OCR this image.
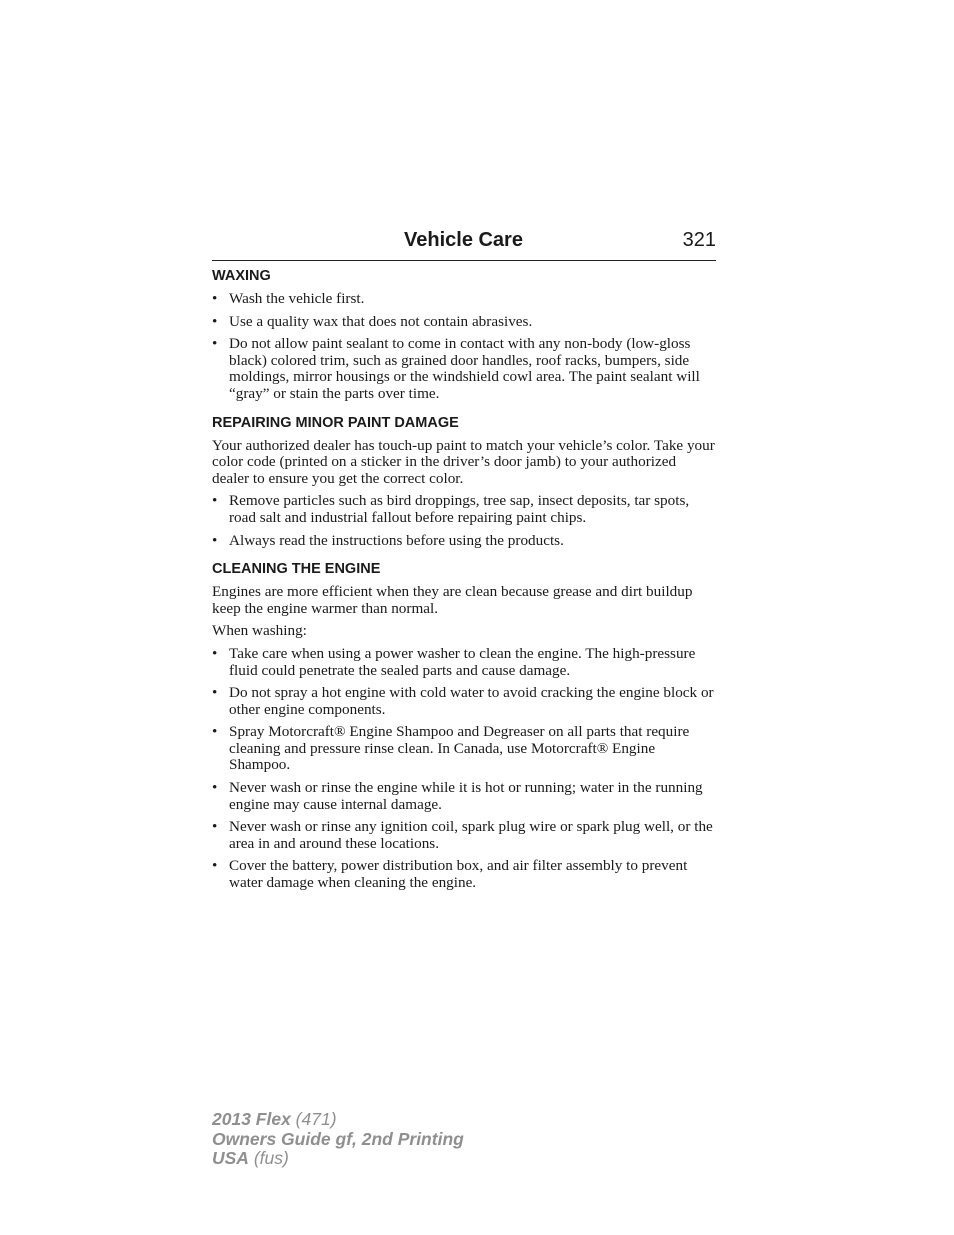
Vehicle Care	321
WAXING
• Wash the vehicle first.
• Use a quality wax that does not contain abrasives.
• Do not allow paint sealant to come in contact with any non-body (low-gloss black) colored trim, such as grained door handles, roof racks, bumpers, side moldings, mirror housings or the windshield cowl area. The paint sealant will “gray” or stain the parts over time.
REPAIRING MINOR PAINT DAMAGE

Your authorized dealer has touch-up paint to match your vehicle’s color. Take your color code (printed on a sticker in the driver’s door jamb) to your authorized dealer to ensure you get the correct color.

• Remove particles such as bird droppings, tree sap, insect deposits, tar spots, road salt and industrial fallout before repairing paint chips.
• Always read the instructions before using the products.
CLEANING THE ENGINE

Engines are more efficient when they are clean because grease and dirt buildup keep the engine warmer than normal.

When washing:

• Take care when using a power washer to clean the engine. The high-pressure fluid could penetrate the sealed parts and cause damage.
• Do not spray a hot engine with cold water to avoid cracking the engine block or other engine components.
• Spray Motorcraft® Engine Shampoo and Degreaser on all parts that require cleaning and pressure rinse clean. In Canada, use Motorcraft® Engine Shampoo.
• Never wash or rinse the engine while it is hot or running; water in the running engine may cause internal damage.
• Never wash or rinse any ignition coil, spark plug wire or spark plug well, or the area in and around these locations.
• Cover the battery, power distribution box, and air filter assembly to prevent water damage when cleaning the engine.
2013 Flex (471)
Owners Guide gf, 2nd Printing
USA (fus)
